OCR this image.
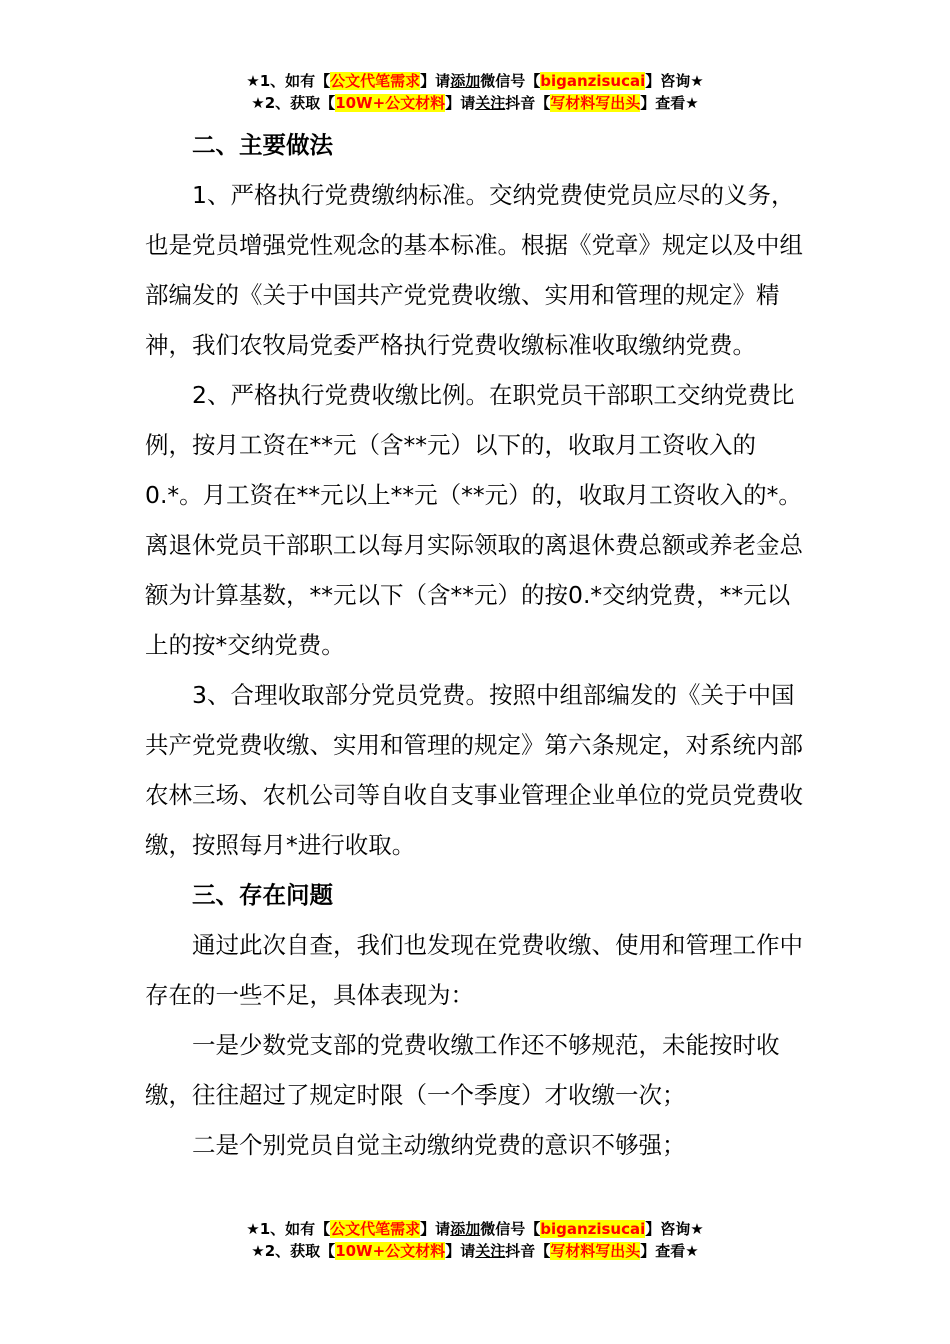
★1、如有【公文代笔需求】请添加微信号【biganzisucai】咨询★
★2、获取【10W+公文材料】请关注抖音【写材料写出头】查看★
二、主要做法

1、严格执行党费缴纳标准。交纳党费使党员应尽的义务，也是党员增强党性观念的基本标准。根据《党章》规定以及中组部编发的《关于中国共产党党费收缴、实用和管理的规定》精神，我们农牧局党委严格执行党费收缴标准收取缴纳党费。

2、严格执行党费收缴比例。在职党员干部职工交纳党费比例，按月工资在**元（含**元）以下的，收取月工资收入的0.*。月工资在**元以上**元（**元）的，收取月工资收入的*。离退休党员干部职工以每月实际领取的离退休费总额或养老金总额为计算基数，**元以下（含**元）的按0.*交纳党费，**元以上的按*交纳党费。

3、合理收取部分党员党费。按照中组部编发的《关于中国共产党党费收缴、实用和管理的规定》第六条规定，对系统内部农林三场、农机公司等自收自支事业管理企业单位的党员党费收缴，按照每月*进行收取。

三、存在问题

通过此次自查，我们也发现在党费收缴、使用和管理工作中存在的一些不足，具体表现为：

一是少数党支部的党费收缴工作还不够规范，未能按时收缴，往往超过了规定时限（一个季度）才收缴一次；

二是个别党员自觉主动缴纳党费的意识不够强；

★1、如有【公文代笔需求】请添加微信号【biganzisucai】咨询★
★2、获取【10W+公文材料】请关注抖音【写材料写出头】查看★
